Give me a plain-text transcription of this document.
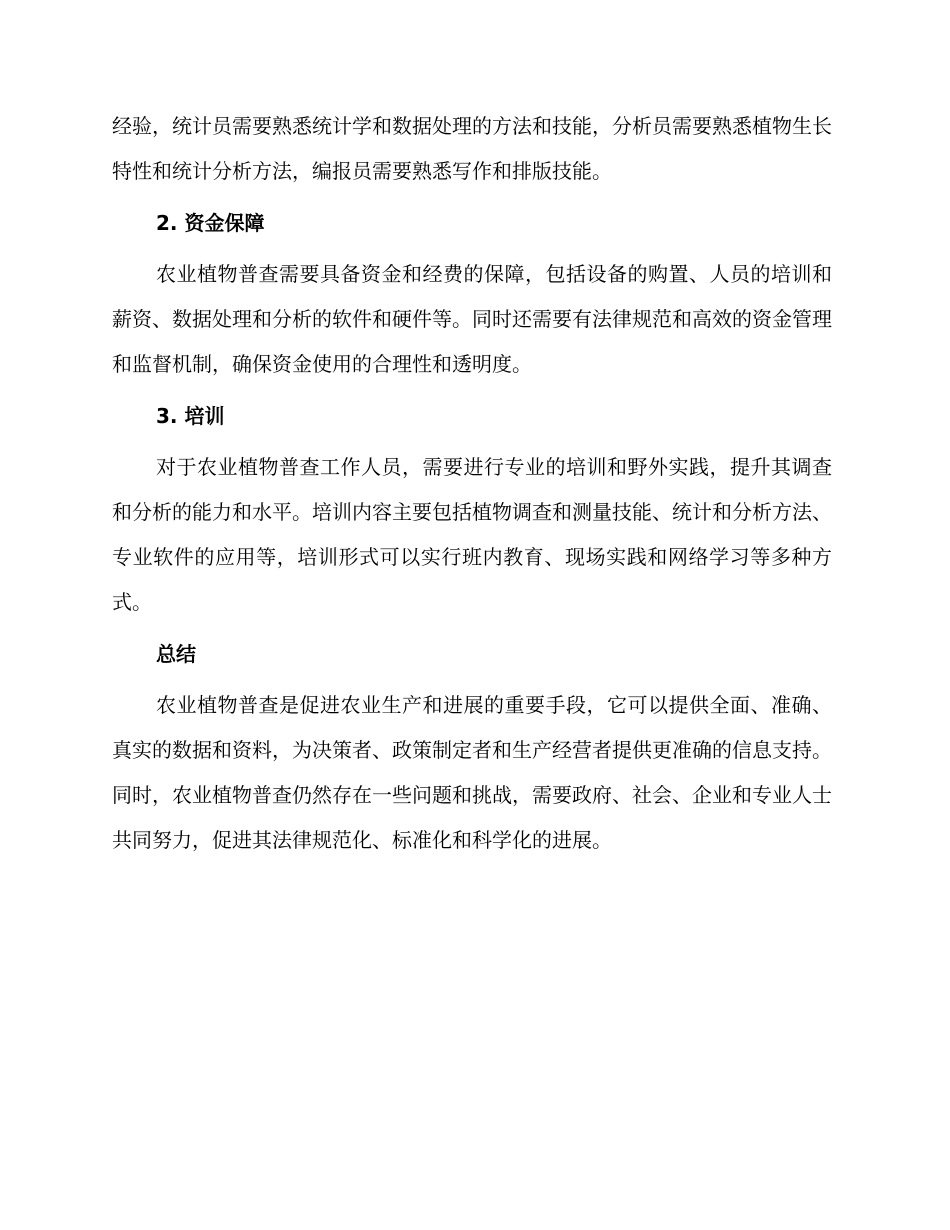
经验，统计员需要熟悉统计学和数据处理的方法和技能，分析员需要熟悉植物生长特性和统计分析方法，编报员需要熟悉写作和排版技能。

2. 资金保障

农业植物普查需要具备资金和经费的保障，包括设备的购置、人员的培训和薪资、数据处理和分析的软件和硬件等。同时还需要有法律规范和高效的资金管理和监督机制，确保资金使用的合理性和透明度。

3. 培训

对于农业植物普查工作人员，需要进行专业的培训和野外实践，提升其调查和分析的能力和水平。培训内容主要包括植物调查和测量技能、统计和分析方法、专业软件的应用等，培训形式可以实行班内教育、现场实践和网络学习等多种方式。

总结

农业植物普查是促进农业生产和进展的重要手段，它可以提供全面、准确、真实的数据和资料，为决策者、政策制定者和生产经营者提供更准确的信息支持。同时，农业植物普查仍然存在一些问题和挑战，需要政府、社会、企业和专业人士共同努力，促进其法律规范化、标准化和科学化的进展。
